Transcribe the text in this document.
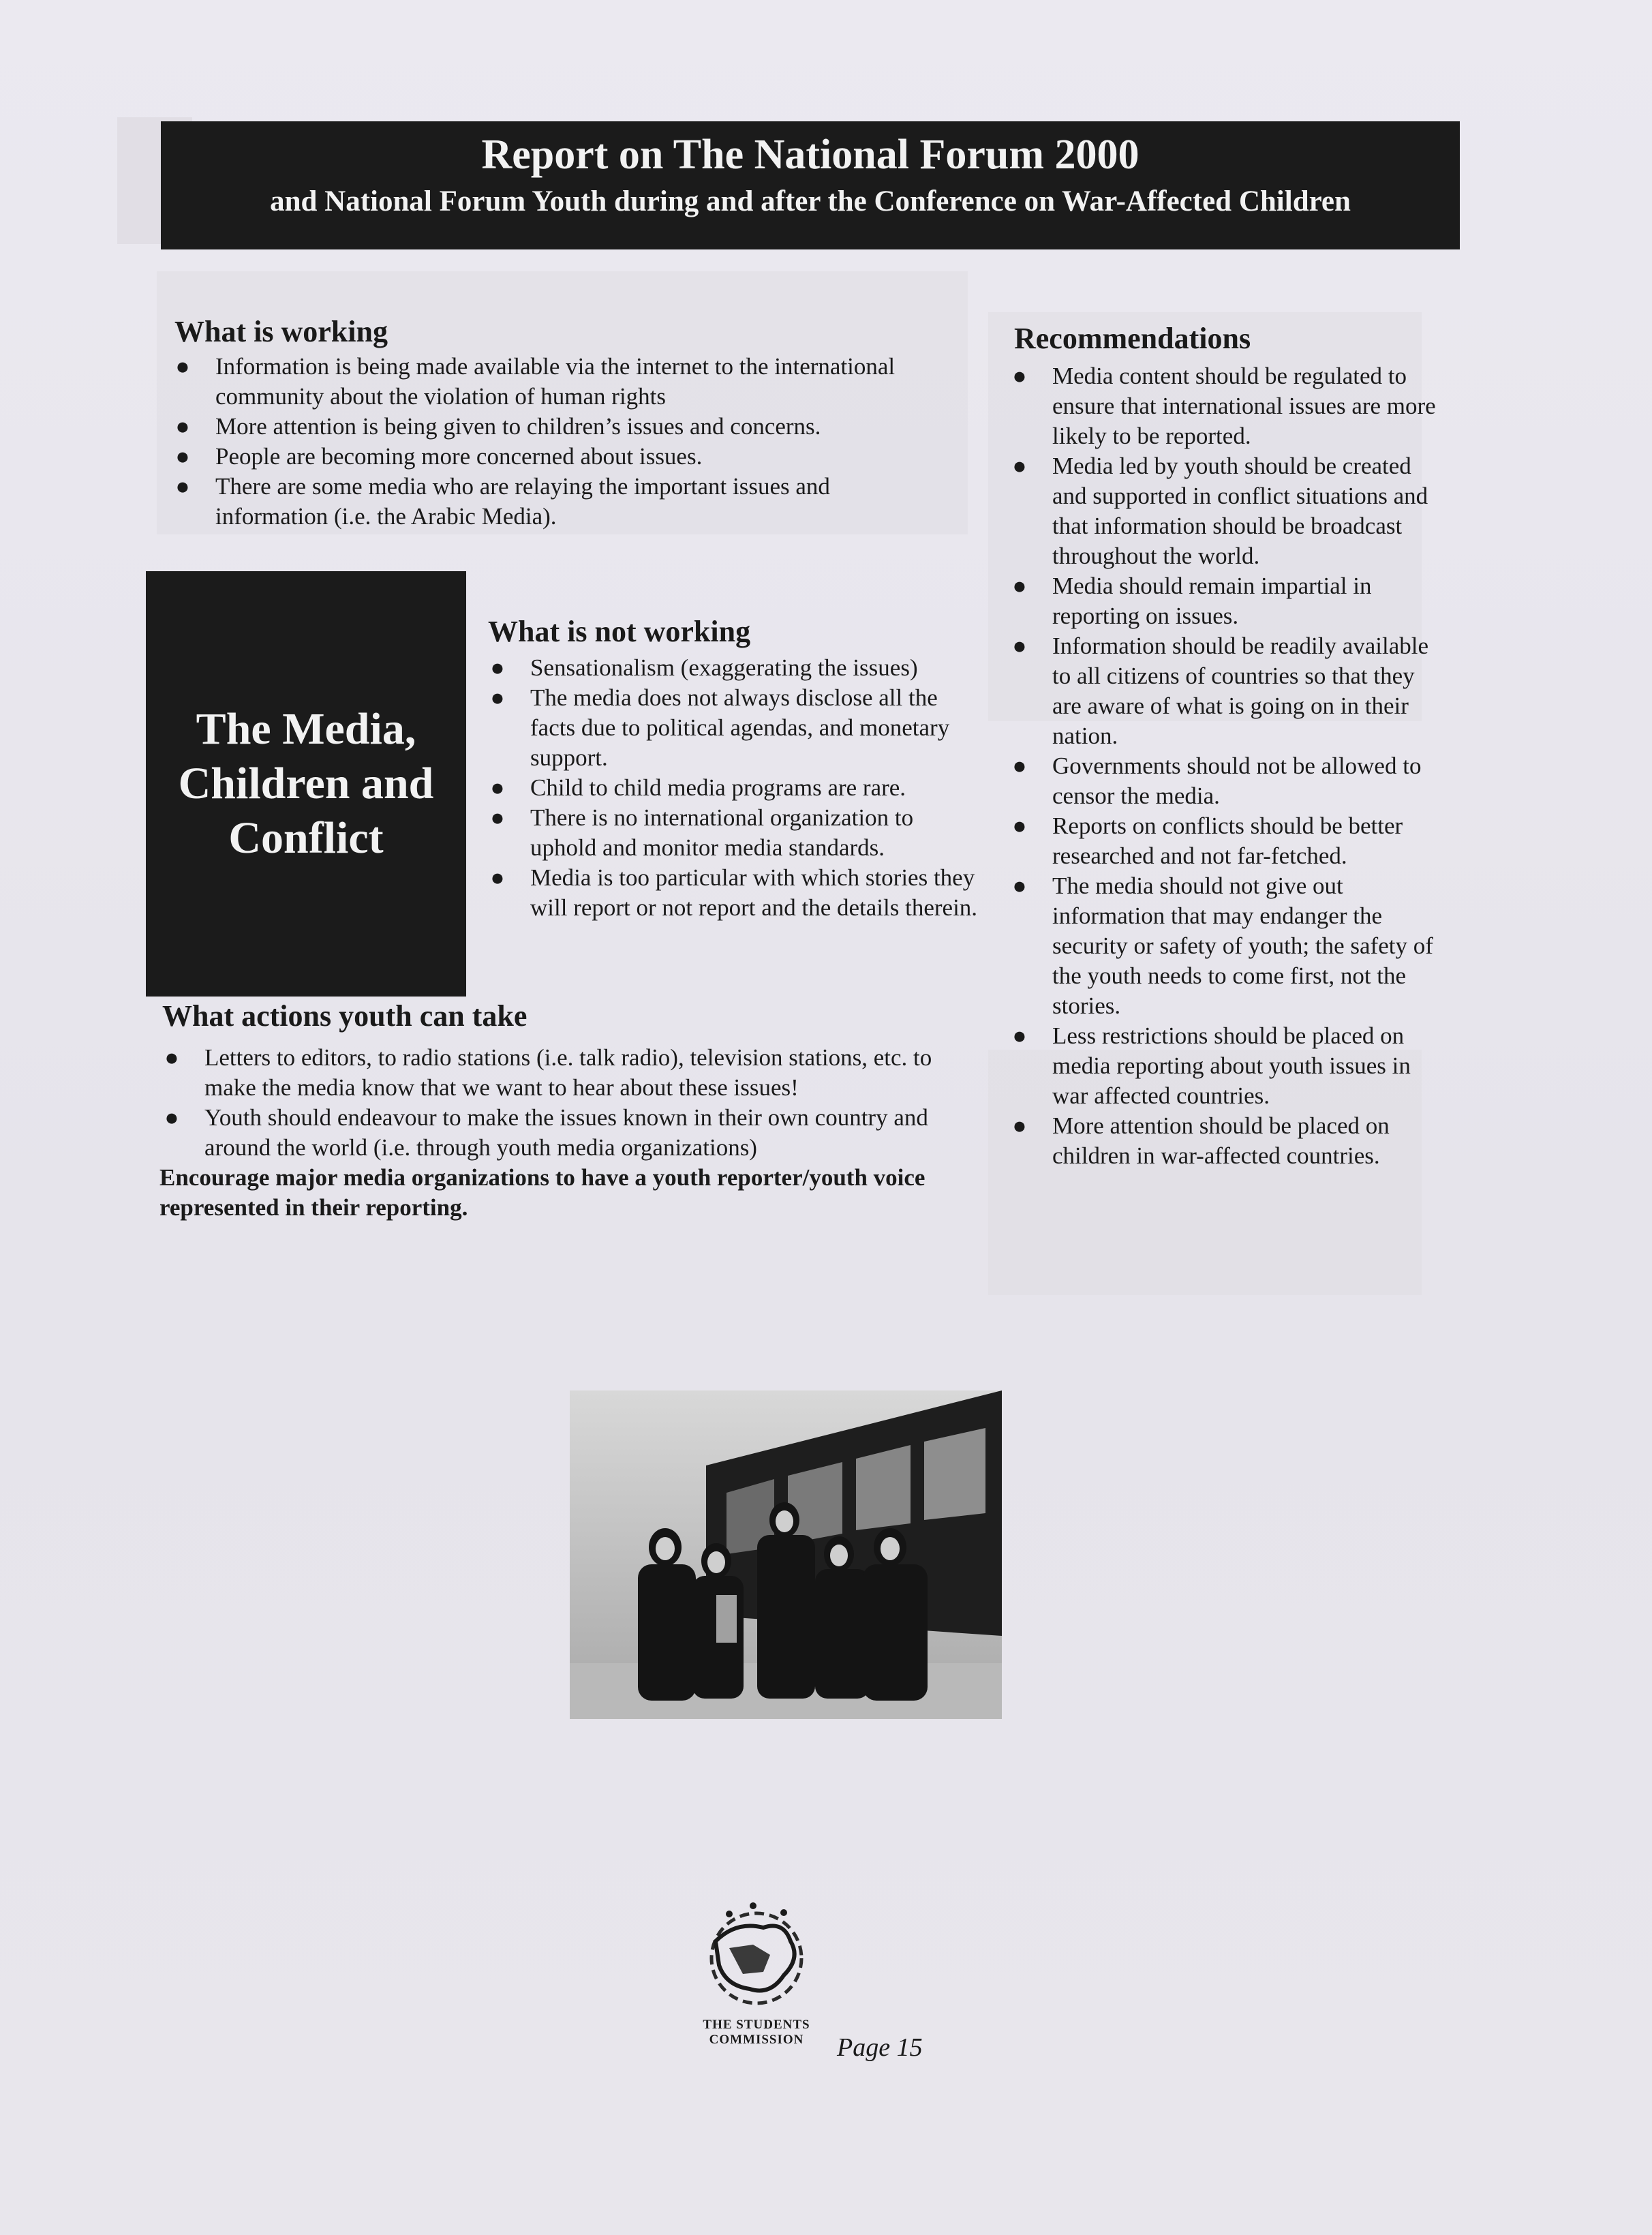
Report on The National Forum 2000
and National Forum Youth during and after the Conference on War-Affected Children
What is working
● Information is being made available via the internet to the international community about the violation of human rights
● More attention is being given to children’s issues and concerns.
● People are becoming more concerned about issues.
● There are some media who are relaying the important issues and information (i.e. the Arabic Media).
The Media, Children and Conflict
What is not working
● Sensationalism (exaggerating the issues)
● The media does not always disclose all the facts due to political agendas, and monetary support.
● Child to child media programs are rare.
● There is no international organization to uphold and monitor media standards.
● Media is too particular with which stories they will report or not report and the details therein.
What actions youth can take
● Letters to editors, to radio stations (i.e. talk radio), television stations, etc. to make the media know that we want to hear about these issues!
● Youth should endeavour to make the issues known in their own country and around the world (i.e. through youth media organizations)
Encourage major media organizations to have a youth reporter/youth voice represented in their reporting.
Recommendations
● Media content should be regulated to ensure that international issues are more likely to be reported.
● Media led by youth should be created and supported in conflict situations and that information should be broadcast throughout the world.
● Media should remain impartial in reporting on issues.
● Information should be readily available to all citizens of countries so that they are aware of what is going on in their nation.
● Governments should not be allowed to censor the media.
● Reports on conflicts should be better researched and not far-fetched.
● The media should not give out information that may endanger the security or safety of youth; the safety of the youth needs to come first, not the stories.
● Less restrictions should be placed on media reporting about youth issues in war affected countries.
● More attention should be placed on children in war-affected countries.
THE STUDENTS
COMMISSION	Page 15
